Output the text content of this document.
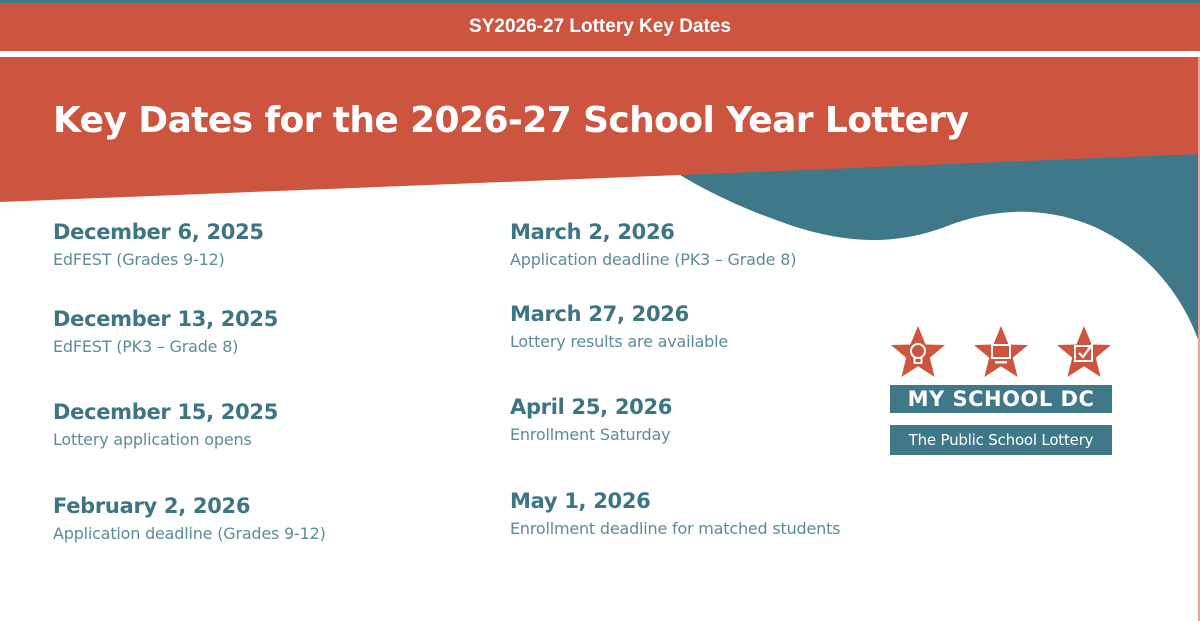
SY2026-27 Lottery Key Dates
Key Dates for the 2026-27 School Year Lottery
December 6, 2025
EdFEST (Grades 9-12)
December 13, 2025
EdFEST (PK3 – Grade 8)
December 15, 2025
Lottery application opens
February 2, 2026
Application deadline (Grades 9-12)
March 2, 2026
Application deadline (PK3 – Grade 8)
March 27, 2026
Lottery results are available
April 25, 2026
Enrollment Saturday
May 1, 2026
Enrollment deadline for matched students
MY SCHOOL DC
The Public School Lottery
